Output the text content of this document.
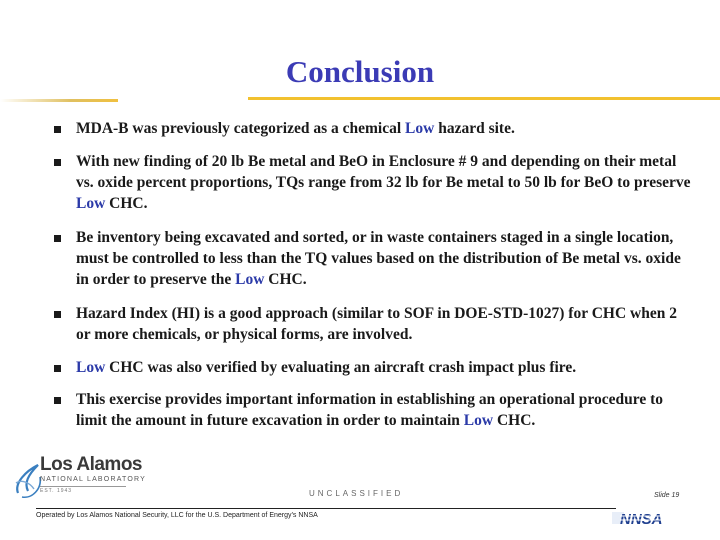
Conclusion
MDA-B was previously categorized as a chemical Low hazard site.
With new finding of 20 lb Be metal and BeO in Enclosure # 9 and depending on their metal vs. oxide percent proportions, TQs range from 32 lb for Be metal to 50 lb for BeO to preserve Low CHC.
Be inventory being excavated and sorted, or in waste containers staged in a single location, must be controlled to less than the TQ values based on the distribution of Be metal vs. oxide in order to preserve the Low CHC.
Hazard Index (HI) is a good approach (similar to SOF in DOE-STD-1027) for CHC when 2 or more chemicals, or physical forms, are involved.
Low CHC was also verified by evaluating an aircraft crash impact plus fire.
This exercise provides important information in establishing an operational procedure to limit the amount in future excavation in order to maintain Low CHC.
Los Alamos
NATIONAL LABORATORY
EST. 1943	UNCLASSIFIED	Slide 19
Operated by Los Alamos National Security, LLC for the U.S. Department of Energy’s NNSA	NNSA
